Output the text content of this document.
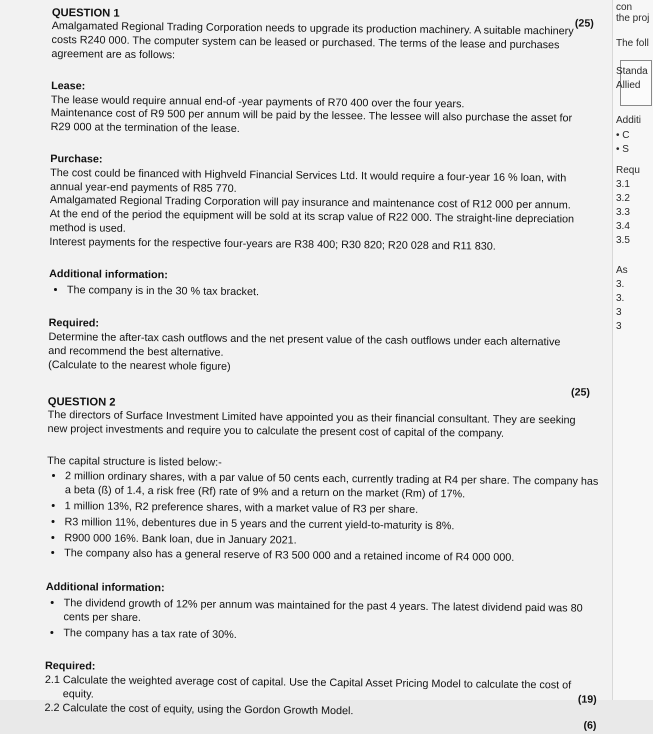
QUESTION 1
(25)

Amalgamated Regional Trading Corporation needs to upgrade its production machinery. A suitable machinery

costs R240 000. The computer system can be leased or purchased. The terms of the lease and purchases

agreement are as follows:

Lease:

The lease would require annual end-of -year payments of R70 400 over the four years.

Maintenance cost of R9 500 per annum will be paid by the lessee. The lessee will also purchase the asset for

R29 000 at the termination of the lease.

Purchase:

The cost could be financed with Highveld Financial Services Ltd. It would require a four-year 16 % loan, with

annual year-end payments of R85 770.

Amalgamated Regional Trading Corporation will pay insurance and maintenance cost of R12 000 per annum.

At the end of the period the equipment will be sold at its scrap value of R22 000. The straight-line depreciation

method is used.

Interest payments for the respective four-years are R38 400; R30 820; R20 028 and R11 830.

Additional information:
• The company is in the 30 % tax bracket.
Required:

Determine the after-tax cash outflows and the net present value of the cash outflows under each alternative

and recommend the best alternative.

(Calculate to the nearest whole figure)

(25)
QUESTION 2

The directors of Surface Investment Limited have appointed you as their financial consultant. They are seeking

new project investments and require you to calculate the present cost of capital of the company.

The capital structure is listed below:-
• 2 million ordinary shares, with a par value of 50 cents each, currently trading at R4 per share. The company has a beta (ß) of 1.4, a risk free (Rf) rate of 9% and a return on the market (Rm) of 17%.
• 1 million 13%, R2 preference shares, with a market value of R3 per share.
• R3 million 11%, debentures due in 5 years and the current yield-to-maturity is 8%.
• R900 000 16%. Bank loan, due in January 2021.
• The company also has a general reserve of R3 500 000 and a retained income of R4 000 000.
Additional information:
• The dividend growth of 12% per annum was maintained for the past 4 years. The latest dividend paid was 80 cents per share.
• The company has a tax rate of 30%.
Required:

2.1 Calculate the weighted average cost of capital. Use the Capital Asset Pricing Model to calculate the cost of

equity.	(19)

2.2 Calculate the cost of equity, using the Gordon Growth Model.

(6)
con
the proj
The foll
Standa
Allied
Additi
• C
• S
Requ
3.1
3.2
3.3
3.4
3.5
As
3.
3.
3
3
